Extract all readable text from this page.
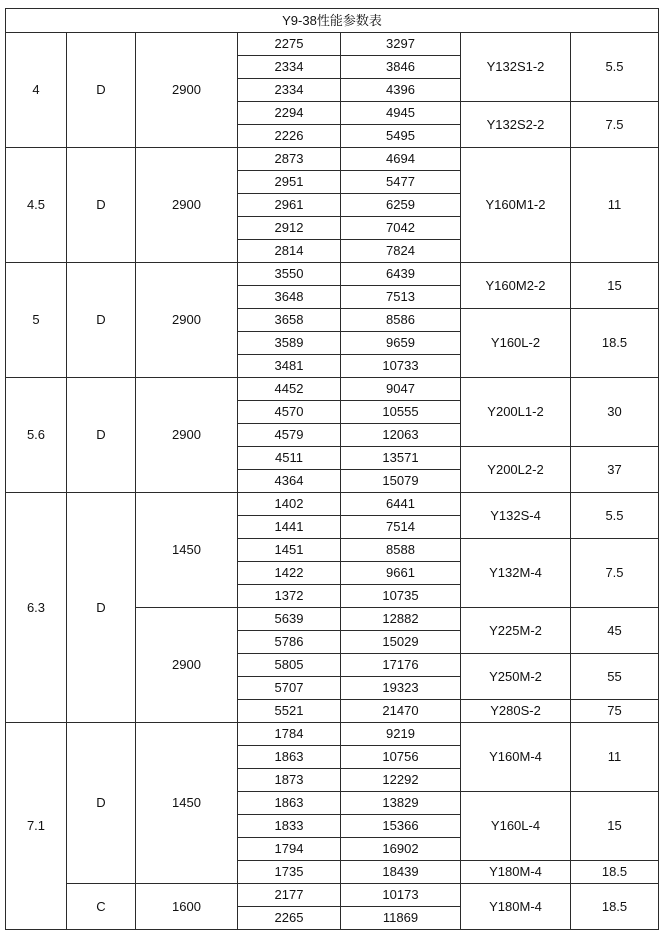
Y9-38性能参数表						
4	D	2900	2275	3297	Y132S1-2	5.5
			2334	3846		
			2334	4396		
			2294	4945	Y132S2-2	7.5
			2226	5495		
4.5	D	2900	2873	4694	Y160M1-2	11
			2951	5477		
			2961	6259		
			2912	7042		
			2814	7824		
5	D	2900	3550	6439	Y160M2-2	15
			3648	7513		
			3658	8586	Y160L-2	18.5
			3589	9659		
			3481	10733		
5.6	D	2900	4452	9047	Y200L1-2	30
			4570	10555		
			4579	12063		
			4511	13571	Y200L2-2	37
			4364	15079		
6.3	D	1450	1402	6441	Y132S-4	5.5
			1441	7514		
			1451	8588	Y132M-4	7.5
			1422	9661		
			1372	10735		
		2900	5639	12882	Y225M-2	45
			5786	15029		
			5805	17176	Y250M-2	55
			5707	19323		
			5521	21470	Y280S-2	75
7.1	D	1450	1784	9219	Y160M-4	11
			1863	10756		
			1873	12292		
			1863	13829	Y160L-4	15
			1833	15366		
			1794	16902		
			1735	18439	Y180M-4	18.5
	C	1600	2177	10173	Y180M-4	18.5
			2265	11869		
